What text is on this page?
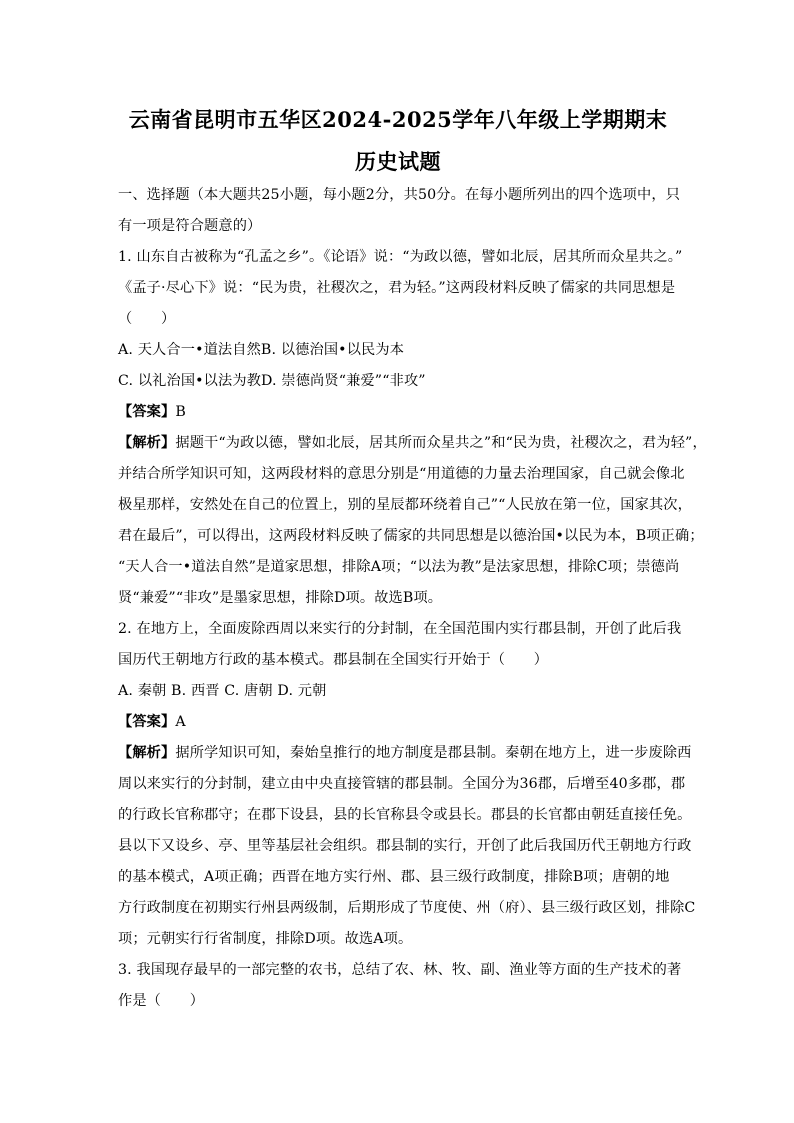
云南省昆明市五华区2024-2025学年八年级上学期期末
历史试题
一、选择题（本大题共25小题，每小题2分，共50分。在每小题所列出的四个选项中，只
有一项是符合题意的）
1. 山东自古被称为“孔孟之乡”。《论语》说：“为政以德，譬如北辰，居其所而众星共之。”
《孟子·尽心下》说：“民为贵，社稷次之，君为轻。”这两段材料反映了儒家的共同思想是
（　　）
A. 天人合一•道法自然B. 以德治国•以民为本
C. 以礼治国•以法为教D. 崇德尚贤“兼爱”“非攻”
【答案】B
【解析】据题干“为政以德，譬如北辰，居其所而众星共之”和“民为贵，社稷次之，君为轻”，
并结合所学知识可知，这两段材料的意思分别是“用道德的力量去治理国家，自己就会像北
极星那样，安然处在自己的位置上，别的星辰都环绕着自己”“人民放在第一位，国家其次，
君在最后”，可以得出，这两段材料反映了儒家的共同思想是以德治国•以民为本，B项正确；
“天人合一•道法自然”是道家思想，排除A项；“以法为教”是法家思想，排除C项；崇德尚
贤“兼爱”“非攻”是墨家思想，排除D项。故选B项。
2. 在地方上，全面废除西周以来实行的分封制，在全国范围内实行郡县制，开创了此后我
国历代王朝地方行政的基本模式。郡县制在全国实行开始于（　　）
A. 秦朝 B. 西晋 C. 唐朝 D. 元朝
【答案】A
【解析】据所学知识可知，秦始皇推行的地方制度是郡县制。秦朝在地方上，进一步废除西
周以来实行的分封制，建立由中央直接管辖的郡县制。全国分为36郡，后增至40多郡，郡
的行政长官称郡守；在郡下设县，县的长官称县令或县长。郡县的长官都由朝廷直接任免。
县以下又设乡、亭、里等基层社会组织。郡县制的实行，开创了此后我国历代王朝地方行政
的基本模式，A项正确；西晋在地方实行州、郡、县三级行政制度，排除B项；唐朝的地
方行政制度在初期实行州县两级制，后期形成了节度使、州（府）、县三级行政区划，排除C
项；元朝实行行省制度，排除D项。故选A项。
3. 我国现存最早的一部完整的农书，总结了农、林、牧、副、渔业等方面的生产技术的著
作是（　　）
